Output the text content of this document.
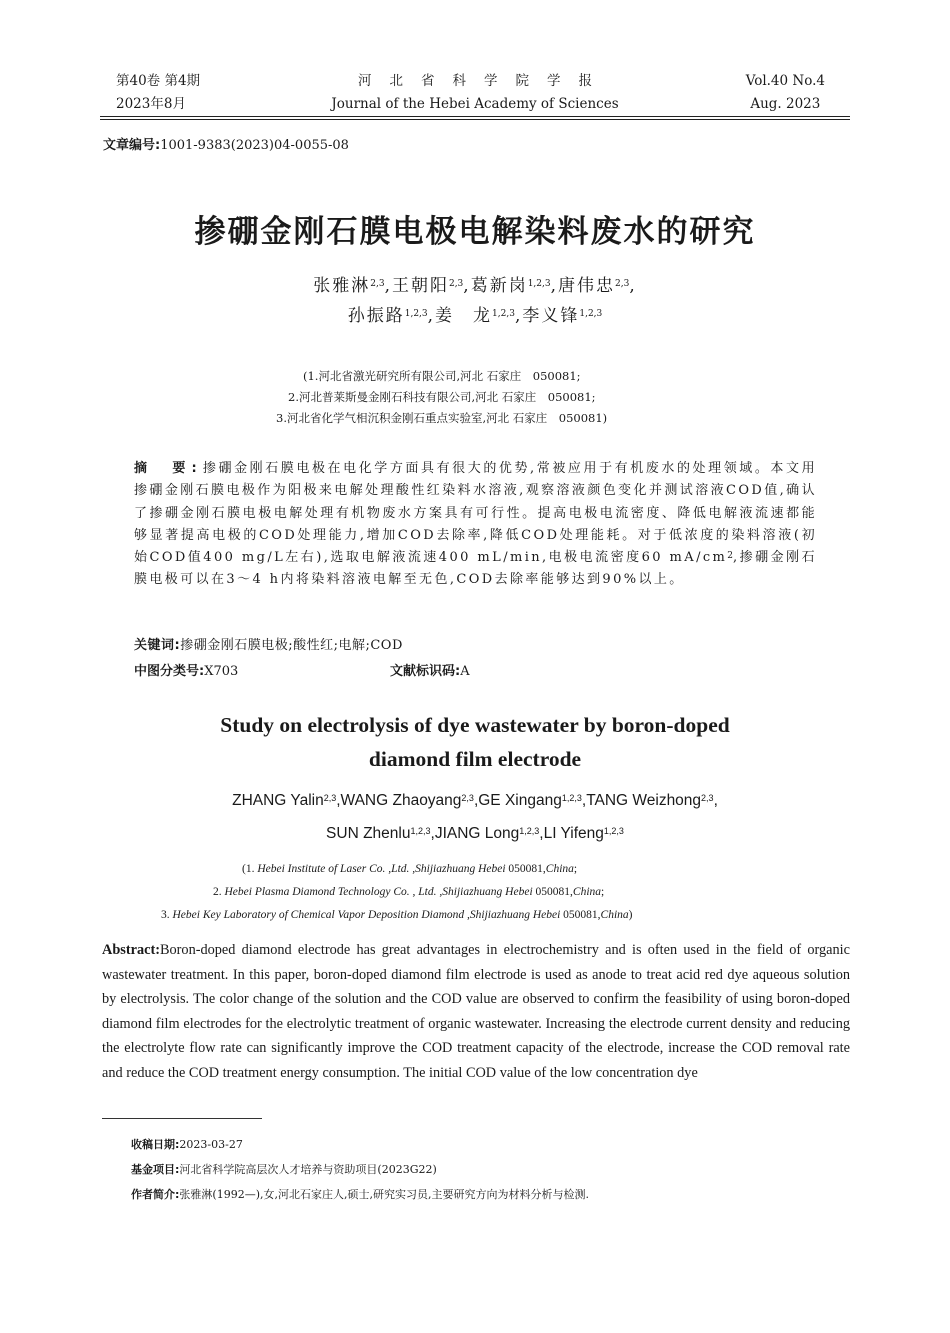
第40卷 第4期
2023年8月
河北省科学院学报
Journal of the Hebei Academy of Sciences
Vol.40 No.4
Aug. 2023
文章编号:1001-9383(2023)04-0055-08
掺硼金刚石膜电极电解染料废水的研究
张雅淋$^{2,3}$,王朝阳$^{2,3}$,葛新岗$^{1,2,3}$,唐伟忠$^{2,3}$,
孙振路$^{1,2,3}$,姜　龙$^{1,2,3}$,李义锋$^{1,2,3}$
(1.河北省激光研究所有限公司,河北 石家庄　050081;
2.河北普莱斯曼金刚石科技有限公司,河北 石家庄　050081;
3.河北省化学气相沉积金刚石重点实验室,河北 石家庄　050081)
摘　要:掺硼金刚石膜电极在电化学方面具有很大的优势,常被应用于有机废水的处理领域。本文用掺硼金刚石膜电极作为阳极来电解处理酸性红染料水溶液,观察溶液颜色变化并测试溶液COD值,确认了掺硼金刚石膜电极电解处理有机物废水方案具有可行性。提高电极电流密度、降低电解液流速都能够显著提高电极的COD处理能力,增加COD去除率,降低COD处理能耗。对于低浓度的染料溶液(初始COD值400 mg/L左右),选取电解液流速400 mL/min,电极电流密度60 $mA/cm^2$,掺硼金刚石膜电极可以在3～4 h内将染料溶液电解至无色,COD去除率能够达到90%以上。
关键词:掺硼金刚石膜电极;酸性红;电解;COD
中图分类号:X703	文献标识码:A
Study on electrolysis of dye wastewater by boron-doped
diamond film electrode
ZHANG Yalin$^{2,3}$,WANG Zhaoyang$^{2,3}$,GE Xingang$^{1,2,3}$,TANG Weizhong$^{2,3}$,
SUN Zhenlu$^{1,2,3}$,JIANG Long$^{1,2,3}$,LI Yifeng$^{1,2,3}$
(1. Hebei Institute of Laser Co. ,Ltd. ,Shijiazhuang Hebei 050081,China;
2. Hebei Plasma Diamond Technology Co. , Ltd. ,Shijiazhuang Hebei 050081,China;
3. Hebei Key Laboratory of Chemical Vapor Deposition Diamond ,Shijiazhuang Hebei 050081,China)
Abstract:Boron-doped diamond electrode has great advantages in electrochemistry and is often used in the field of organic wastewater treatment. In this paper, boron-doped diamond film electrode is used as anode to treat acid red dye aqueous solution by electrolysis. The color change of the solution and the COD value are observed to confirm the feasibility of using boron-doped diamond film electrodes for the electrolytic treatment of organic wastewater. Increasing the electrode current density and reducing the electrolyte flow rate can significantly improve the COD treatment capacity of the electrode, increase the COD removal rate and reduce the COD treatment energy consumption. The initial COD value of the low concentration dye
收稿日期:2023-03-27
基金项目:河北省科学院高层次人才培养与资助项目(2023G22)
作者简介:张雅淋(1992—),女,河北石家庄人,硕士,研究实习员,主要研究方向为材料分析与检测.
